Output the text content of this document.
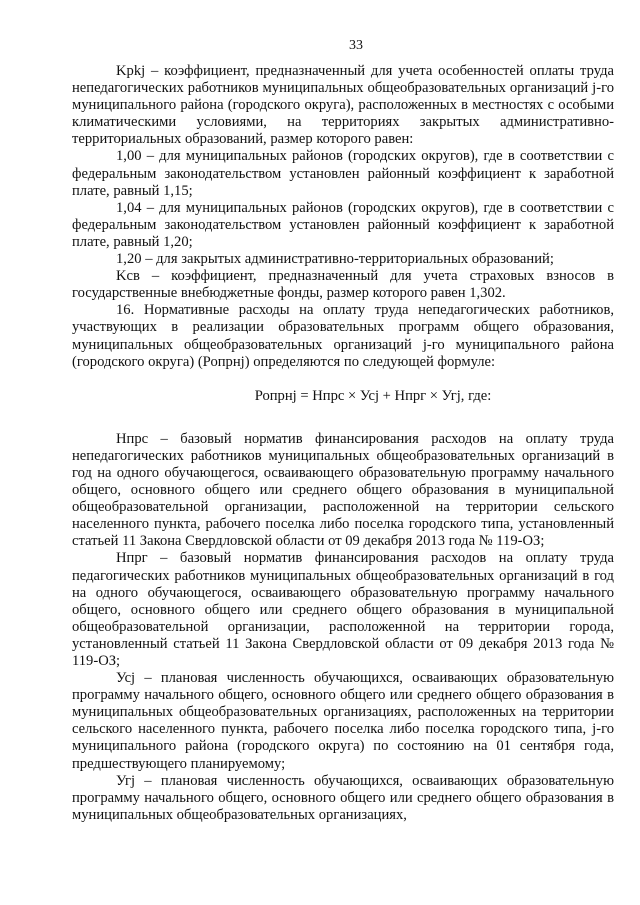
33

Kpkj – коэффициент, предназначенный для учета особенностей оплаты труда непедагогических работников муниципальных общеобразовательных организаций j-го муниципального района (городского округа), расположенных в местностях с особыми климатическими условиями, на территориях закрытых административно-территориальных образований, размер которого равен:

1,00 – для муниципальных районов (городских округов), где в соответствии с федеральным законодательством установлен районный коэффициент к заработной плате, равный 1,15;

1,04 – для муниципальных районов (городских округов), где в соответствии с федеральным законодательством установлен районный коэффициент к заработной плате, равный 1,20;

1,20 – для закрытых административно-территориальных образований;

Kсв – коэффициент, предназначенный для учета страховых взносов в государственные внебюджетные фонды, размер которого равен 1,302.

16. Нормативные расходы на оплату труда непедагогических работников, участвующих в реализации образовательных программ общего образования, муниципальных общеобразовательных организаций j-го муниципального района (городского округа) (Ропрнj) определяются по следующей формуле:

Ропрнj = Нпрс × Усj + Нпрг × Угj, где:

Нпрс – базовый норматив финансирования расходов на оплату труда непедагогических работников муниципальных общеобразовательных организаций в год на одного обучающегося, осваивающего образовательную программу начального общего, основного общего или среднего общего образования в муниципальной общеобразовательной организации, расположенной на территории сельского населенного пункта, рабочего поселка либо поселка городского типа, установленный статьей 11 Закона Свердловской области от 09 декабря 2013 года № 119-ОЗ;

Нпрг – базовый норматив финансирования расходов на оплату труда педагогических работников муниципальных общеобразовательных организаций в год на одного обучающегося, осваивающего образовательную программу начального общего, основного общего или среднего общего образования в муниципальной общеобразовательной организации, расположенной на территории города, установленный статьей 11 Закона Свердловской области от 09 декабря 2013 года № 119-ОЗ;

Усj – плановая численность обучающихся, осваивающих образовательную программу начального общего, основного общего или среднего общего образования в муниципальных общеобразовательных организациях, расположенных на территории сельского населенного пункта, рабочего поселка либо поселка городского типа, j-го муниципального района (городского округа) по состоянию на 01 сентября года, предшествующего планируемому;

Угj – плановая численность обучающихся, осваивающих образовательную программу начального общего, основного общего или среднего общего образования в муниципальных общеобразовательных организациях,
